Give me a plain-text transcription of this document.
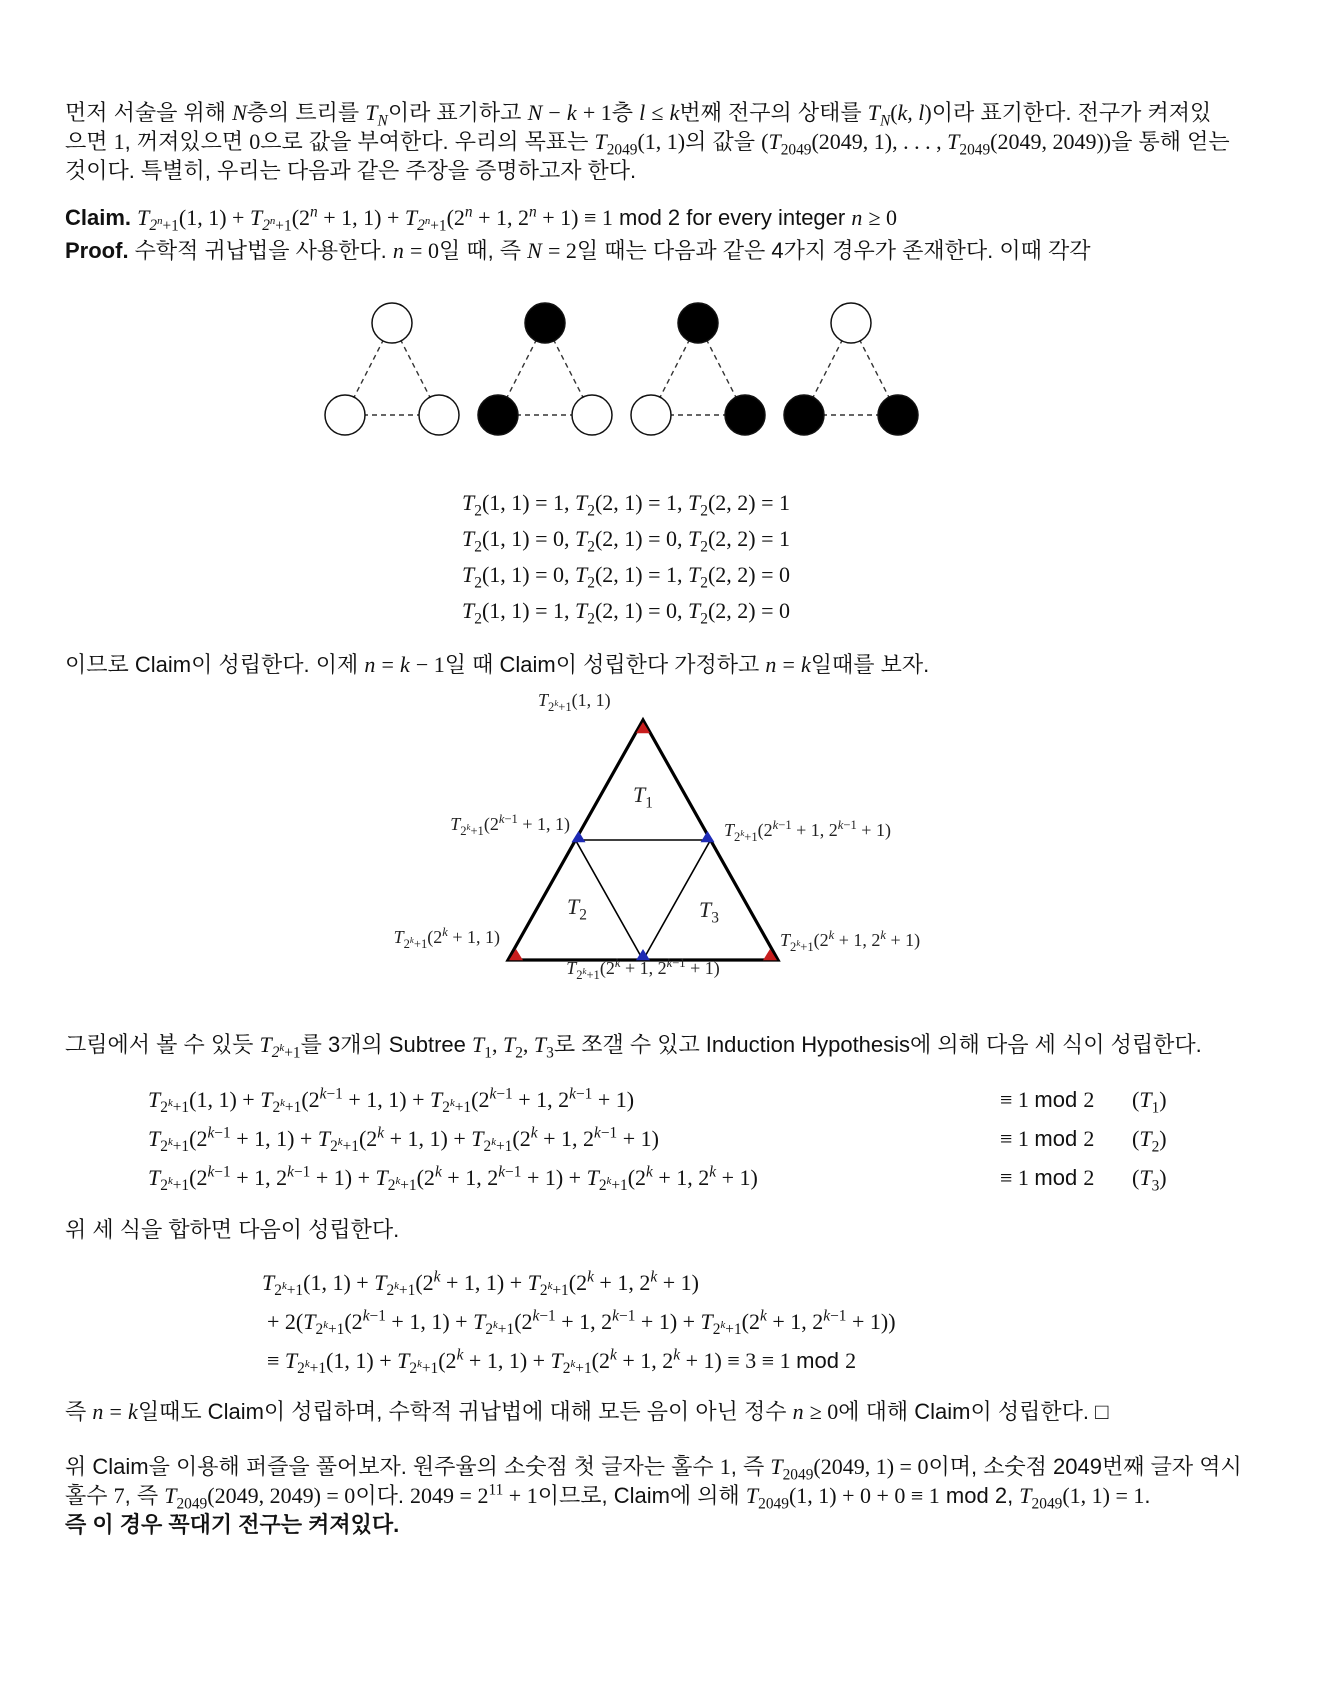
먼저 서술을 위해 N층의 트리를 $T_N$이라 표기하고 N − k + 1층 l ≤ k번째 전구의 상태를 $T_N(k$, l)이라 표기한다. 전구가 켜져있
으면 1, 꺼져있으면 0으로 값을 부여한다. 우리의 목표는 $T_{2049}(1$, 1)의 값을 ($T_{2049}(2049$, 1), . . . , $T_{2049}(2049$, 2049))을 통해 얻는
것이다. 특별히, 우리는 다음과 같은 주장을 증명하고자 한다.
Claim. $T_{2^n+1}(1$, $1) + T_{2^n+1}(2^n + 1$, $1) + T_{2^n+1}(2^n + 1$, $2^n + 1) \equiv 1$ mod 2 for every integer n ≥ 0
Proof. 수학적 귀납법을 사용한다. n = 0일 때, 즉 N = 2일 때는 다음과 같은 4가지 경우가 존재한다. 이때 각각
$T_2(1$, 1) = 1, $T_2(2$, 1) = 1, $T_2(2$, 2) = 1
$T_2(1$, 1) = 0, $T_2(2$, 1) = 0, $T_2(2$, 2) = 1
$T_2(1$, 1) = 0, $T_2(2$, 1) = 1, $T_2(2$, 2) = 0
$T_2(1$, 1) = 1, $T_2(2$, 1) = 0, $T_2(2$, 2) = 0
이므로 Claim이 성립한다. 이제 n = k − 1일 때 Claim이 성립한다 가정하고 n = k일때를 보자.
$T_{2^k+1}(1$, 1)
$T_{2^k+1}(2^{k-1} + 1$, 1)	$T_{2^k+1}(2^{k-1} + 1$, $2^{k-1} + 1$)
$T_{2^k+1}(2^k + 1$, 1)	$T_{2^k+1}(2^k + 1$, $2^k + 1$)
$T_{2^k+1}(2^k + 1$, $2^{k-1} + 1$)
$T_1$
$T_2$	$T_3$
그림에서 볼 수 있듯 $T_{2^k+1}$를 3개의 Subtree $T_1$, $T_2$, $T_3$로 쪼갤 수 있고 Induction Hypothesis에 의해 다음 세 식이 성립한다.
$T_{2^k+1}(1$, $1) + T_{2^k+1}(2^{k-1} + 1$, $1) + T_{2^k+1}(2^{k-1} + 1$, $2^{k-1} + 1$)	≡ 1 mod 2 $(T_1)$
$T_{2^k+1}(2^{k-1} + 1$, $1) + T_{2^k+1}(2^k + 1$, $1) + T_{2^k+1}(2^k + 1$, $2^{k-1} + 1$)	≡ 1 mod 2 $(T_2)$
$T_{2^k+1}(2^{k-1} + 1$, $2^{k-1} + 1) + T_{2^k+1}(2^k + 1$, $2^{k-1} + 1) + T_{2^k+1}(2^k + 1$, $2^k + 1$)	≡ 1 mod 2 $(T_3)$
위 세 식을 합하면 다음이 성립한다.
$T_{2^k+1}(1$, $1) + T_{2^k+1}(2^k + 1$, $1) + T_{2^k+1}(2^k + 1$, $2^k + 1$)
+ $2(T_{2^k+1}(2^{k-1} + 1$, $1) + T_{2^k+1}(2^{k-1} + 1$, $2^{k-1} + 1) + T_{2^k+1}(2^k + 1$, $2^{k-1} + 1$))
≡ $T_{2^k+1}(1$, $1) + T_{2^k+1}(2^k + 1$, $1) + T_{2^k+1}(2^k + 1$, $2^k + 1) \equiv 3 \equiv 1$ mod 2
즉 n = k일때도 Claim이 성립하며, 수학적 귀납법에 대해 모든 음이 아닌 정수 n ≥ 0에 대해 Claim이 성립한다. □
위 Claim을 이용해 퍼즐을 풀어보자. 원주율의 소숫점 첫 글자는 홀수 1, 즉 $T_{2049}(2049$, 1) = 0이며, 소숫점 2049번째 글자 역시
홀수 7, 즉 $T_{2049}(2049$, 2049) = 0이다. $2049 = 2^{11} + 1$이므로, Claim에 의해 $T_{2049}(1$, 1) + 0 + 0 ≡ 1 mod 2, $T_{2049}(1$, 1) = 1.
즉 이 경우 꼭대기 전구는 켜져있다.
